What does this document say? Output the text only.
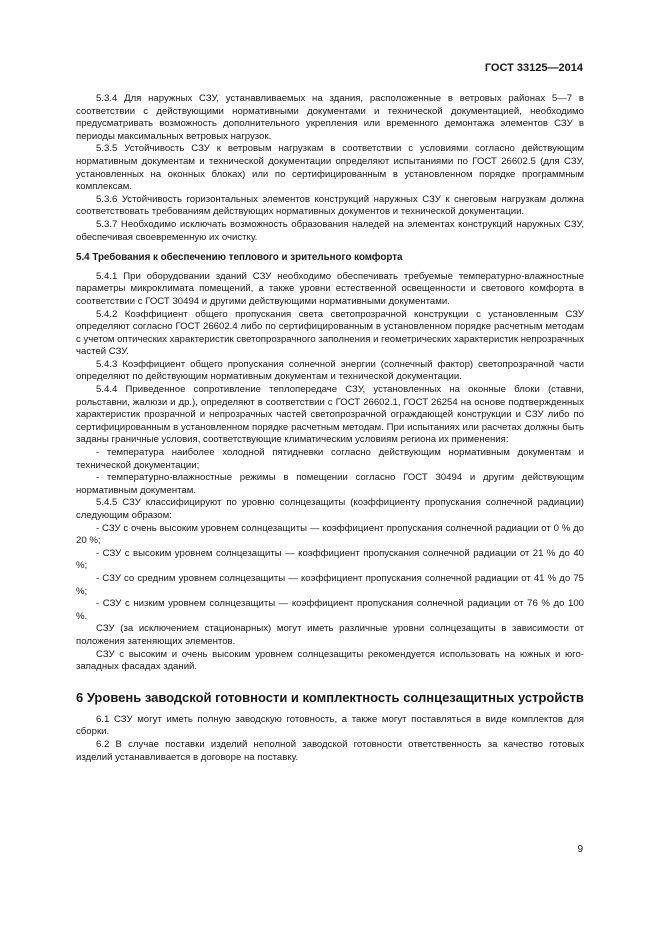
ГОСТ 33125—2014

5.3.4 Для наружных СЗУ, устанавливаемых на здания, расположенные в ветровых районах 5—7 в соответствии с действующими нормативными документами и технической документацией, необходимо предусматривать возможность дополнительного укрепления или временного демонтажа элементов СЗУ в периоды максимальных ветровых нагрузок.

5.3.5 Устойчивость СЗУ к ветровым нагрузкам в соответствии с условиями согласно действующим нормативным документам и технической документации определяют испытаниями по ГОСТ 26602.5 (для СЗУ, установленных на оконных блоках) или по сертифицированным в установленном порядке программным комплексам.

5.3.6 Устойчивость горизонтальных элементов конструкций наружных СЗУ к снеговым нагрузкам должна соответствовать требованиям действующих нормативных документов и технической документации.

5.3.7 Необходимо исключать возможность образования наледей на элементах конструкций наружных СЗУ, обеспечивая своевременную их очистку.

5.4 Требования к обеспечению теплового и зрительного комфорта

5.4.1 При оборудовании зданий СЗУ необходимо обеспечивать требуемые температурно-влажностные параметры микроклимата помещений, а также уровни естественной освещенности и светового комфорта в соответствии с ГОСТ 30494 и другими действующими нормативными документами.

5.4.2 Коэффициент общего пропускания света светопрозрачной конструкции с установленным СЗУ определяют согласно ГОСТ 26602.4 либо по сертифицированным в установленном порядке расчетным методам с учетом оптических характеристик светопрозрачного заполнения и геометрических характеристик непрозрачных частей СЗУ.

5.4.3 Коэффициент общего пропускания солнечной энергии (солнечный фактор) светопрозрачной части определяют по действующим нормативным документам и технической документации.

5.4.4 Приведенное сопротивление теплопередаче СЗУ, установленных на оконные блоки (ставни, рольставни, жалюзи и др.), определяют в соответствии с ГОСТ 26602.1, ГОСТ 26254 на основе подтвержденных характеристик прозрачной и непрозрачных частей светопрозрачной ограждающей конструкции и СЗУ либо по сертифицированным в установленном порядке расчетным методам. При испытаниях или расчетах должны быть заданы граничные условия, соответствующие климатическим условиям региона их применения:

- температура наиболее холодной пятидневки согласно действующим нормативным документам и технической документации;

- температурно-влажностные режимы в помещении согласно ГОСТ 30494 и другим действующим нормативным документам.

5.4.5 СЗУ классифицируют по уровню солнцезащиты (коэффициенту пропускания солнечной радиации) следующим образом:

- СЗУ с очень высоким уровнем солнцезащиты — коэффициент пропускания солнечной радиации от 0 % до 20 %;

- СЗУ с высоким уровнем солнцезащиты — коэффициент пропускания солнечной радиации от 21 % до 40 %;

- СЗУ со средним уровнем солнцезащиты — коэффициент пропускания солнечной радиации от 41 % до 75 %;

- СЗУ с низким уровнем солнцезащиты — коэффициент пропускания солнечной радиации от 76 % до 100 %.

СЗУ (за исключением стационарных) могут иметь различные уровни солнцезащиты в зависимости от положения затеняющих элементов.

СЗУ с высоким и очень высоким уровнем солнцезащиты рекомендуется использовать на южных и юго-западных фасадах зданий.

6 Уровень заводской готовности и комплектность солнцезащитных устройств

6.1 СЗУ могут иметь полную заводскую готовность, а также могут поставляться в виде комплектов для сборки.

6.2 В случае поставки изделий неполной заводской готовности ответственность за качество готовых изделий устанавливается в договоре на поставку.

9
